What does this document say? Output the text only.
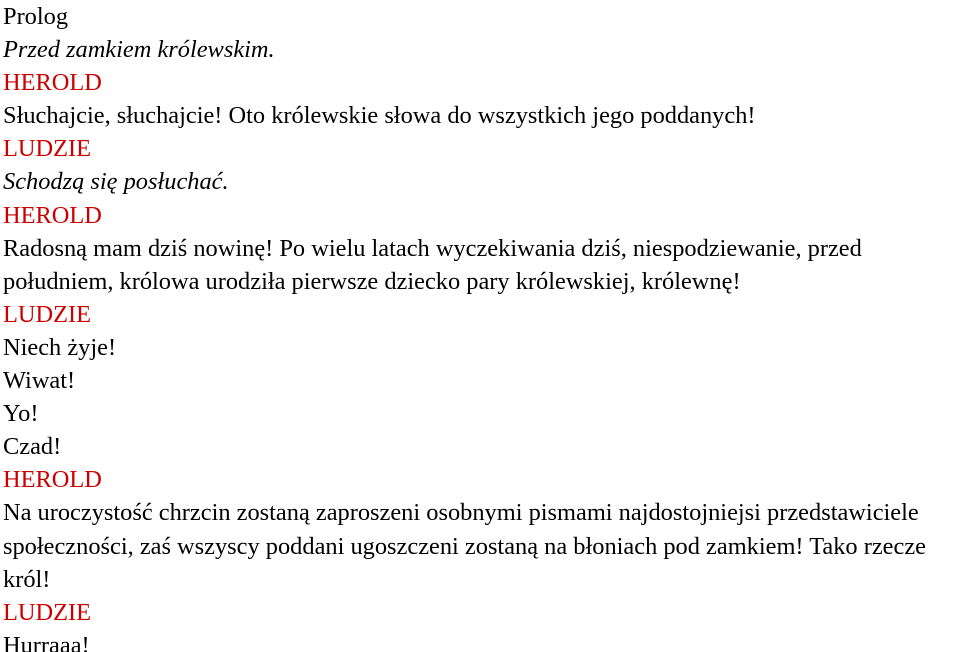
Prolog
Przed zamkiem królewskim.
HEROLD
Słuchajcie, słuchajcie! Oto królewskie słowa do wszystkich jego poddanych!
LUDZIE
Schodzą się posłuchać.
HEROLD
Radosną mam dziś nowinę! Po wielu latach wyczekiwania dziś, niespodziewanie, przed południem, królowa urodziła pierwsze dziecko pary królewskiej, królewnę!
LUDZIE
Niech żyje!
Wiwat!
Yo!
Czad!
HEROLD
Na uroczystość chrzcin zostaną zaproszeni osobnymi pismami najdostojniejsi przedstawiciele społeczności, zaś wszyscy poddani ugoszczeni zostaną na błoniach pod zamkiem! Tako rzecze król!
LUDZIE
Hurraaa!
